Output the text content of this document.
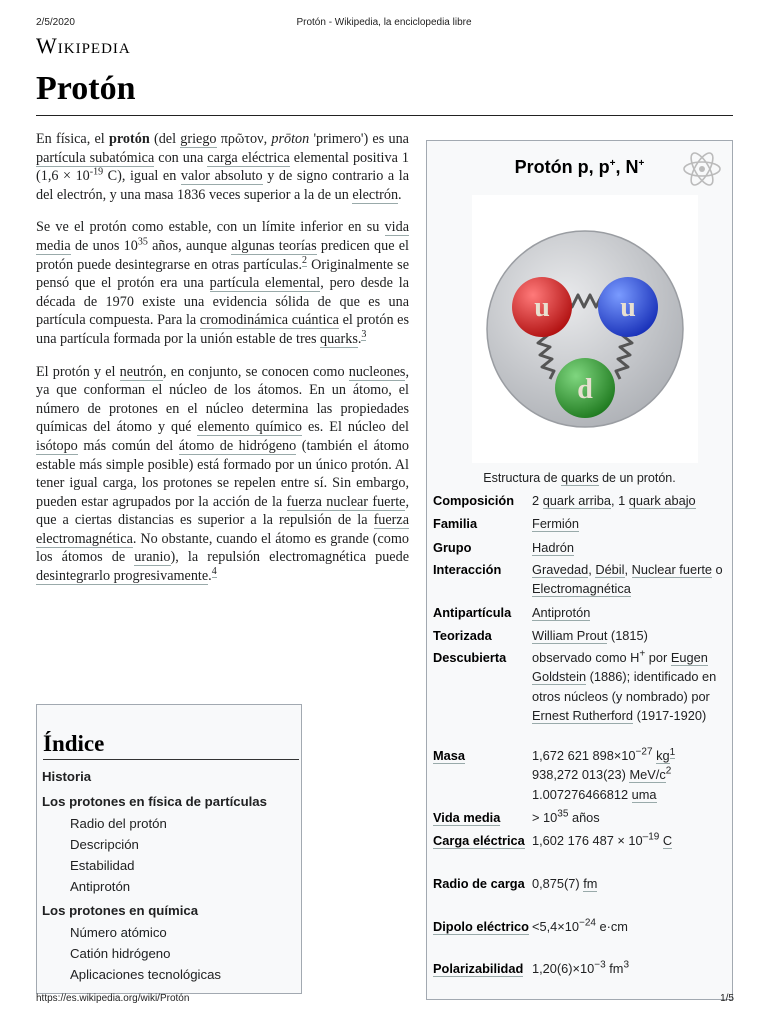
2/5/2020	Protón - Wikipedia, la enciclopedia libre
Wikipedia
Protón

En física, el protón (del griego πρῶτον, prōton 'primero') es una partícula subatómica con una carga eléctrica elemental positiva 1 ($1,6 \times 10^{-19}$ C), igual en valor absoluto y de signo contrario a la del electrón, y una masa 1836 veces superior a la de un electrón.

Se ve el protón como estable, con un límite inferior en su vida media de unos $10^{35}$ años, aunque algunas teorías predicen que el protón puede desintegrarse en otras partículas.$^2$ Originalmente se pensó que el protón era una partícula elemental, pero desde la década de 1970 existe una evidencia sólida de que es una partícula compuesta. Para la cromodinámica cuántica el protón es una partícula formada por la unión estable de tres quarks.$^3$

El protón y el neutrón, en conjunto, se conocen como nucleones, ya que conforman el núcleo de los átomos. En un átomo, el número de protones en el núcleo determina las propiedades químicas del átomo y qué elemento químico es. El núcleo del isótopo más común del átomo de hidrógeno (también el átomo estable más simple posible) está formado por un único protón. Al tener igual carga, los protones se repelen entre sí. Sin embargo, pueden estar agrupados por la acción de la fuerza nuclear fuerte, que a ciertas distancias es superior a la repulsión de la fuerza electromagnética. No obstante, cuando el átomo es grande (como los átomos de uranio), la repulsión electromagnética puede desintegrarlo progresivamente.$^4$

Índice
Historia
Los protones en física de partículas
Radio del protón
Descripción
Estabilidad
Antiprotón
Los protones en química
Número atómico
Catión hidrógeno
Aplicaciones tecnológicas
Protón p, p+, N+
u	u
d
Estructura de quarks de un protón.
Composición	2 quark arriba, 1 quark abajo
Familia	Fermión
Grupo	Hadrón
Interacción	Gravedad, Débil, Nuclear fuerte o Electromagnética
Antipartícula	Antiprotón
Teorizada	William Prout (1815)
Descubierta	observado como H+ por Eugen Goldstein (1886); identificado en otros núcleos (y nombrado) por Ernest Rutherford (1917-1920)
Masa	1,672 621 $898\times 10^{-27}$ $kg^1$
938,272 013(23) MeV/$c^2$
1.007276466812 uma
Vida media	> $10^{35}$ años
Carga eléctrica 1,602 176 $487 \times 10^{-19}$ C
Radio de carga 0,875(7) fm
Dipolo eléctrico $<5,4\times 10^{-24}$ e·cm
Polarizabilidad $1,20(6)\times 10^{-3}$ $fm^3$
https://es.wikipedia.org/wiki/Protón	1/5
